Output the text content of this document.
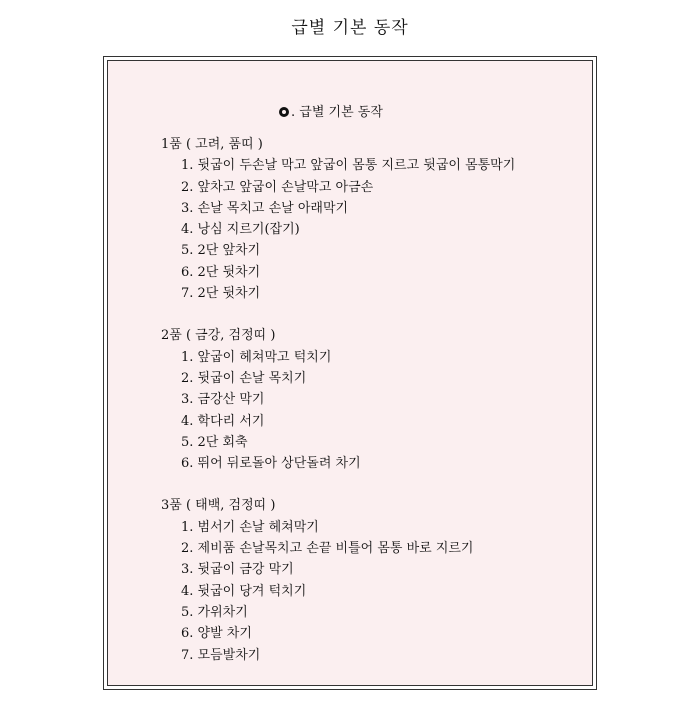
급별 기본 동작
. 급별 기본 동작
1품 ( 고려, 품띠 )
1. 뒷굽이 두손날 막고 앞굽이 몸통 지르고 뒷굽이 몸통막기
2. 앞차고 앞굽이 손날막고 아금손
3. 손날 목치고 손날 아래막기
4. 낭심 지르기(잡기)
5. 2단 앞차기
6. 2단 뒷차기
7. 2단 뒷차기
2품 ( 금강, 검정띠 )
1. 앞굽이 헤쳐막고 턱치기
2. 뒷굽이 손날 목치기
3. 금강산 막기
4. 학다리 서기
5. 2단 회축
6. 뛰어 뒤로돌아 상단돌려 차기
3품 ( 태백, 검정띠 )
1. 범서기 손날 헤쳐막기
2. 제비품 손날목치고 손끝 비틀어 몸통 바로 지르기
3. 뒷굽이 금강 막기
4. 뒷굽이 당겨 턱치기
5. 가위차기
6. 양발 차기
7. 모듬발차기
